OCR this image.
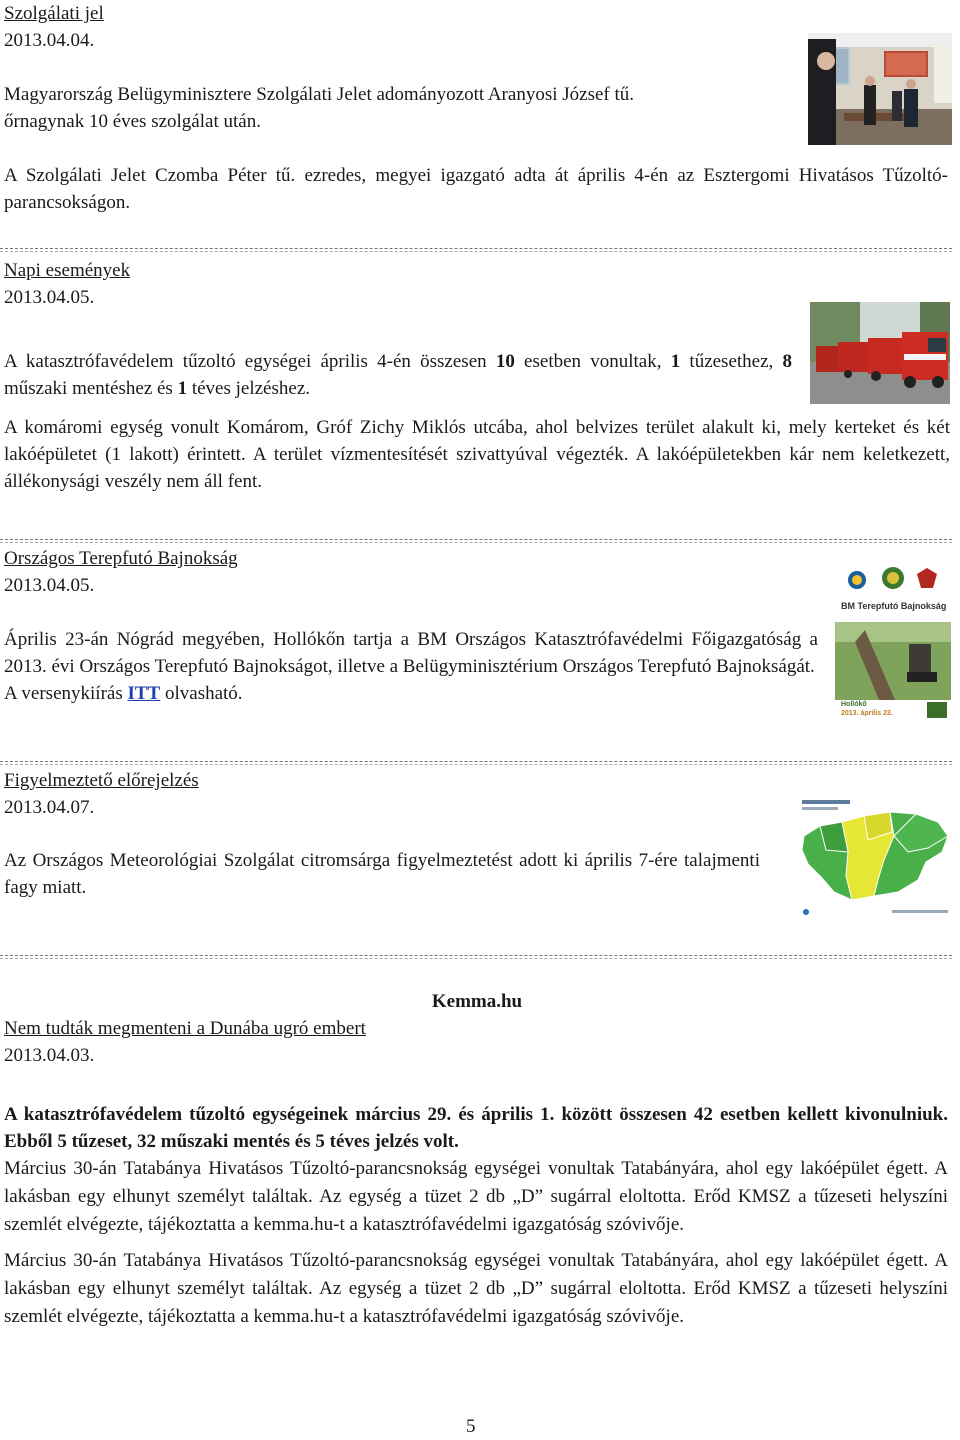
Szolgálati jel
2013.04.04.
Magyarország Belügyminisztere Szolgálati Jelet adományozott Aranyosi József tű.
őrnagynak 10 éves szolgálat után.

A Szolgálati Jelet Czomba Péter tű. ezredes, megyei igazgató adta át április 4-én az Esztergomi Hivatásos Tűzoltó-parancsokságon.

Napi események
2013.04.05.

A katasztrófavédelem tűzoltó egységei április 4-én összesen 10 esetben vonultak, 1 tűzesethez, 8 műszaki mentéshez és 1 téves jelzéshez.

A komáromi egység vonult Komárom, Gróf Zichy Miklós utcába, ahol belvizes terület alakult ki, mely kerteket és két lakóépületet (1 lakott) érintett. A terület vízmentesítését szivattyúval végezték. A lakóépületekben kár nem keletkezett, állékonysági veszély nem áll fent.

Országos Terepfutó Bajnokság
2013.04.05.

Április 23-án Nógrád megyében, Hollókőn tartja a BM Országos Katasztrófavédelmi Főigazgatóság a 2013. évi Országos Terepfutó Bajnokságot, illetve a Belügyminisztérium Országos Terepfutó Bajnokságát.

A versenykiírás ITT olvasható.

BM Terepfutó Bajnokság
Hollókő
2013. április 23.
Figyelmeztető előrejelzés
2013.04.07.

Az Országos Meteorológiai Szolgálat citromsárga figyelmeztetést adott ki április 7-ére talajmenti fagy miatt.

Kemma.hu
Nem tudták megmenteni a Dunába ugró embert
2013.04.03.

A katasztrófavédelem tűzoltó egységeinek március 29. és április 1. között összesen 42 esetben kellett kivonulniuk. Ebből 5 tűzeset, 32 műszaki mentés és 5 téves jelzés volt.

Március 30-án Tatabánya Hivatásos Tűzoltó-parancsnokság egységei vonultak Tatabányára, ahol egy lakóépület égett. A lakásban egy elhunyt személyt találtak. Az egység a tüzet 2 db „D” sugárral eloltotta. Erőd KMSZ a tűzeseti helyszíni szemlét elvégezte, tájékoztatta a kemma.hu-t a katasztrófavédelmi igazgatóság szóvivője.

Március 30-án Tatabánya Hivatásos Tűzoltó-parancsnokság egységei vonultak Tatabányára, ahol egy lakóépület égett. A lakásban egy elhunyt személyt találtak. Az egység a tüzet 2 db „D” sugárral eloltotta. Erőd KMSZ a tűzeseti helyszíni szemlét elvégezte, tájékoztatta a kemma.hu-t a katasztrófavédelmi igazgatóság szóvivője.

5
